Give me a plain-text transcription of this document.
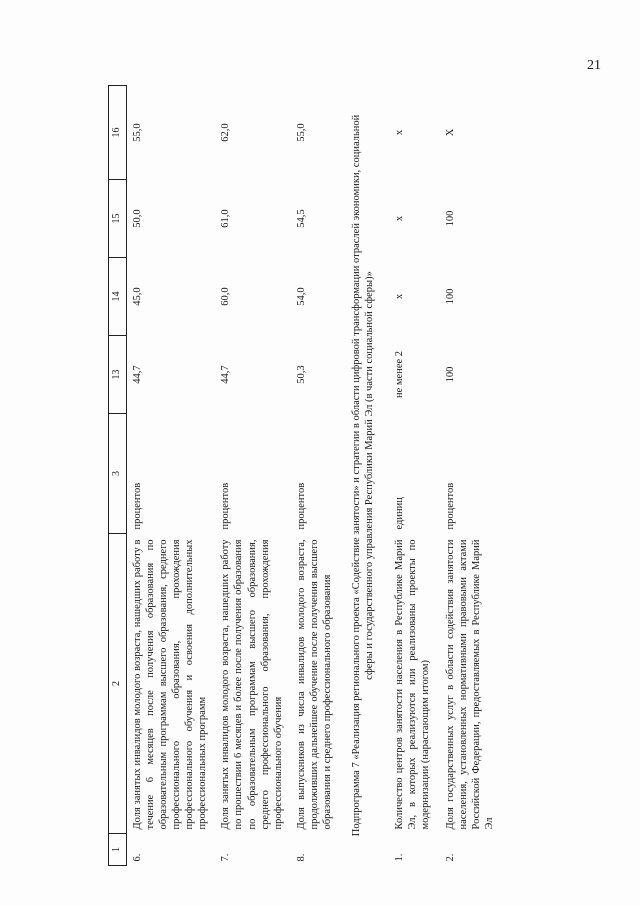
21
1	2	3	13	14	15	16
6.	Доля занятых инвалидов молодого возраста, нашедших работу в течение 6 месяцев после получения образования по образовательным программам высшего образования, среднего профессионального образования, прохождения профессионального обучения и освоения дополнительных профессиональных программ	процентов	44,7	45,0	50,0	55,0
7.	Доля занятых инвалидов молодого возраста, нашедших работу по прошествии 6 месяцев и более после получения образования по образовательным программам высшего образования, среднего профессионального образования, прохождения профессионального обучения	процентов	44,7	60,0	61,0	62,0
8.	Доля выпускников из числа инвалидов молодого возраста, продолживших дальнейшее обучение после получения высшего образования и среднего профессионального образования	процентов	50,3	54,0	54,5	55,0
Подпрограмма 7 «Реализация регионального проекта «Содействие занятости» и стратегии в области цифровой трансформации отраслей экономики, социальной сферы и государственного управления Республики Марий Эл (в части социальной сферы)»						
1.	Количество центров занятости населения в Республике Марий Эл, в которых реализуются или реализованы проекты по модернизации (нарастающим итогом)	единиц	не менее 2	х	х	х
2.	Доля государственных услуг в области содействия занятости населения, установленных нормативными правовыми актами Российской Федерации, предоставляемых в Республике Марий Эл	процентов	100	100	100	Х
